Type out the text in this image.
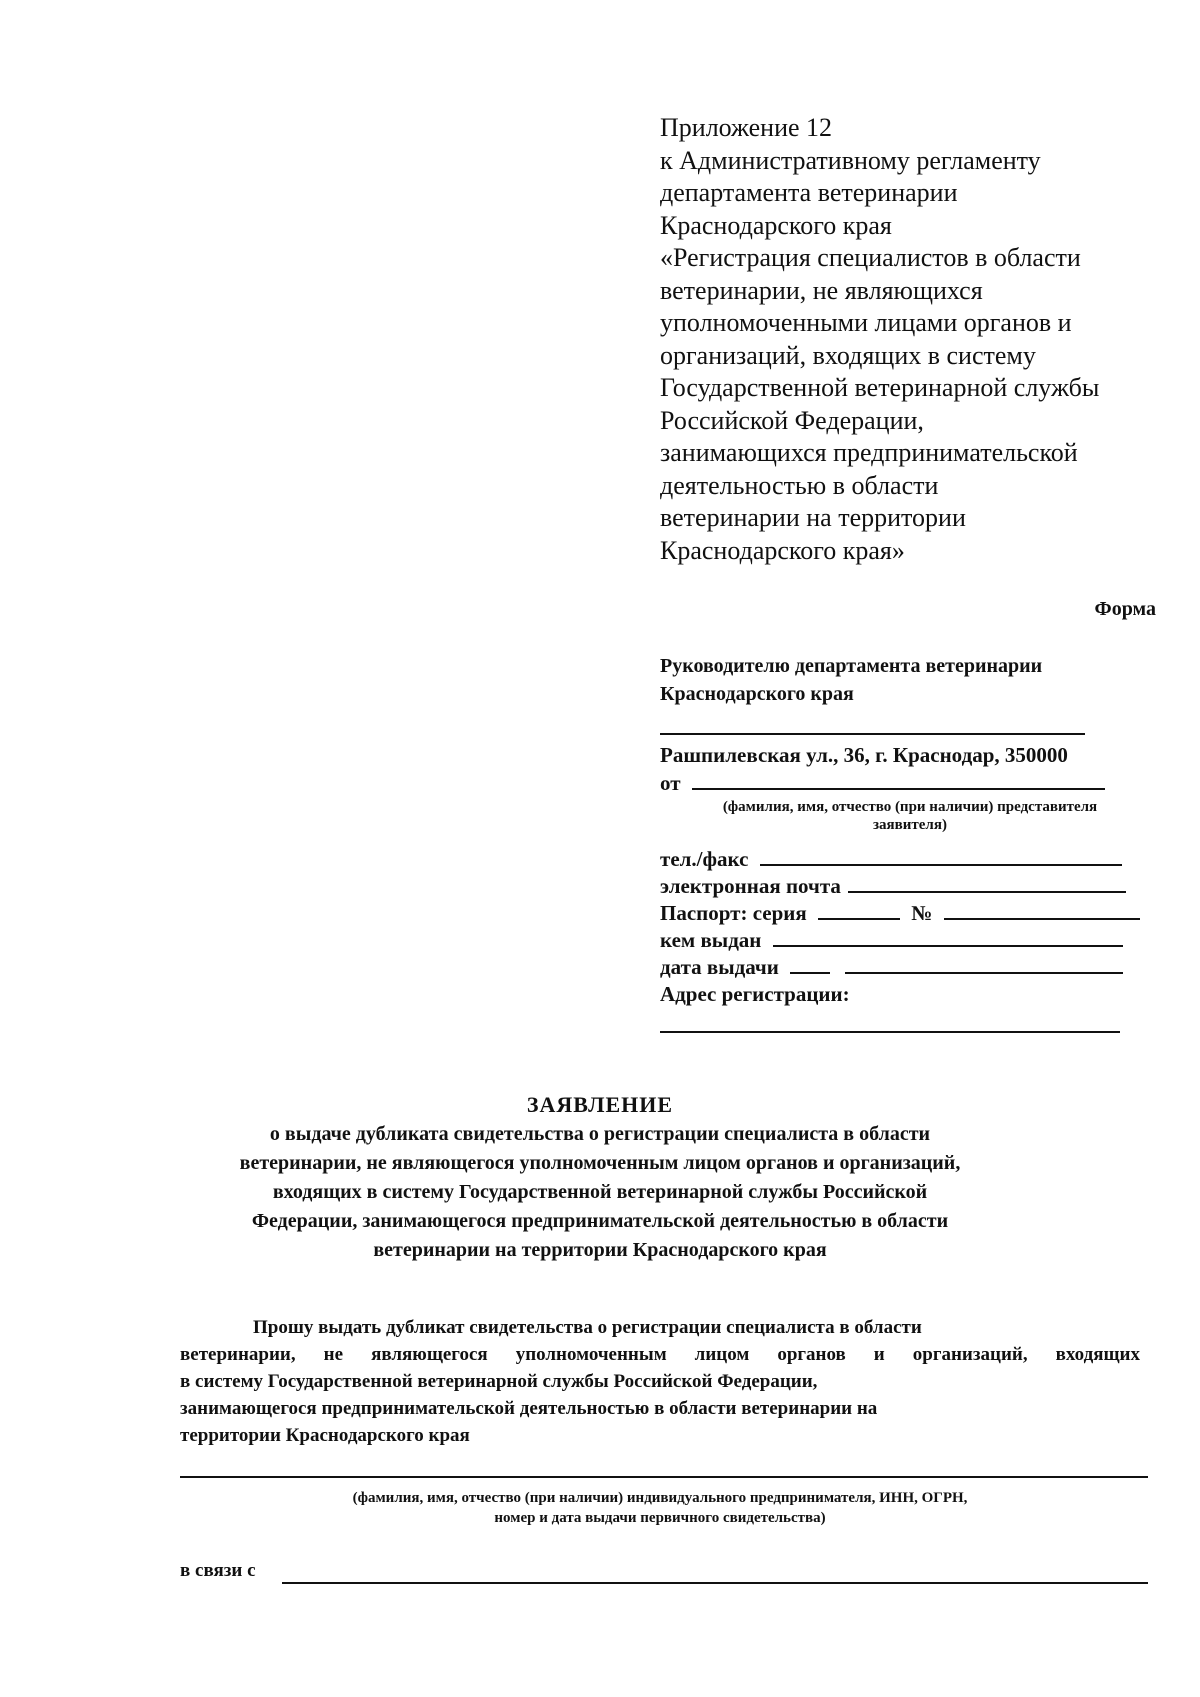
Приложение 12
к Административному регламенту
департамента ветеринарии
Краснодарского края
«Регистрация специалистов в области
ветеринарии, не являющихся
уполномоченными лицами органов и
организаций, входящих в систему
Государственной ветеринарной службы
Российской Федерации,
занимающихся предпринимательской
деятельностью в области
ветеринарии на территории
Краснодарского края»
Форма
Руководителю департамента ветеринарии
Краснодарского края
Рашпилевская ул., 36, г. Краснодар, 350000
от
(фамилия, имя, отчество (при наличии) представителя
заявителя)
тел./факс
электронная почта
Паспорт: серия	№
кем выдан
дата выдачи
Адрес регистрации:
ЗАЯВЛЕНИЕ
о выдаче дубликата свидетельства о регистрации специалиста в области
ветеринарии, не являющегося уполномоченным лицом органов и организаций,
входящих в систему Государственной ветеринарной службы Российской
Федерации, занимающегося предпринимательской деятельностью в области
ветеринарии на территории Краснодарского края
Прошу выдать дубликат свидетельства о регистрации специалиста в области
ветеринарии, не являющегося уполномоченным лицом органов и организаций, входящих
в систему Государственной ветеринарной службы Российской Федерации,
занимающегося предпринимательской деятельностью в области ветеринарии на
территории Краснодарского края
(фамилия, имя, отчество (при наличии) индивидуального предпринимателя, ИНН, ОГРН,
номер и дата выдачи первичного свидетельства)
в связи с
